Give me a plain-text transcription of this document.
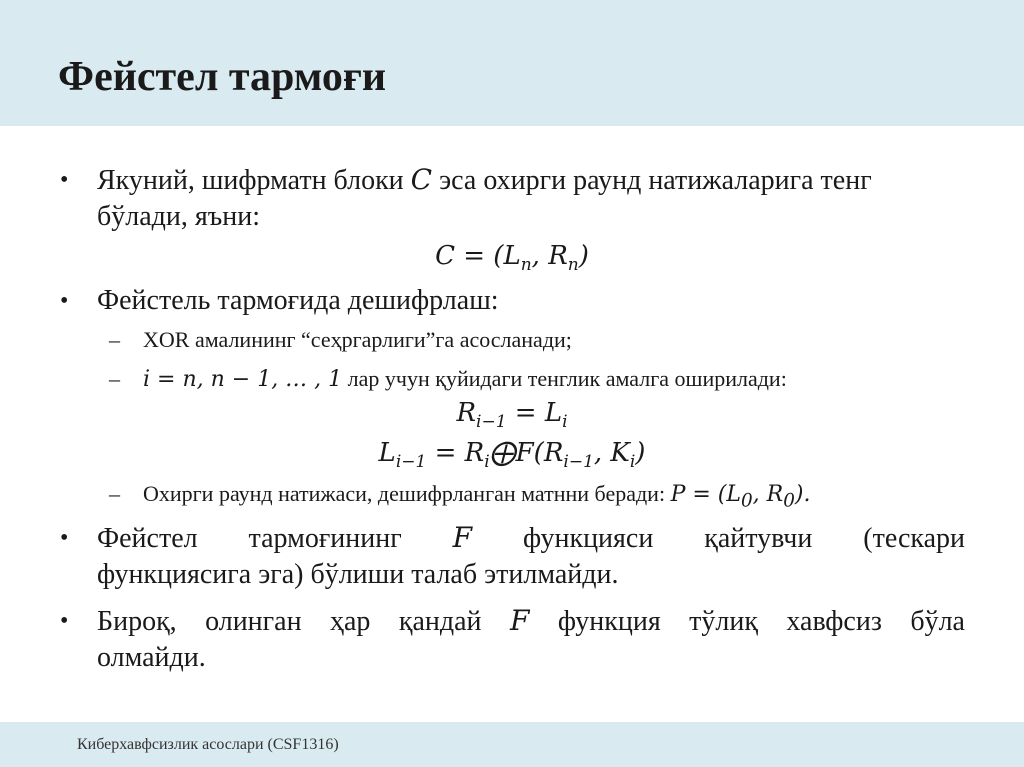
Фейстел тармоғи
• Якуний, шифрматн блоки C эса охирги раунд натижаларига тенг
бўлади, яъни:
$C = (L_n$, $R_n$)
• Фейстель тармоғида дешифрлаш:
– XOR амалининг “сеҳргарлиги”га асосланади;
– i = n, n − 1, … , 1 лар учун қуйидаги тенглик амалга оширилади:
$R_{i-1} = L_i$
$L_{i-1}$ = $R_i⨁F(R_{i-1}$, $K_i$)
– Охирги раунд натижаси, дешифрланган матнни беради: $P = (L_0$, $R_0$).
• Фейстел тармоғининг F функцияси қайтувчи (тескари
функциясига эга) бўлиши талаб этилмайди.
• Бироқ, олинган ҳар қандай F функция тўлиқ хавфсиз бўла
олмайди.
Киберхавфсизлик асослари (CSF1316)
